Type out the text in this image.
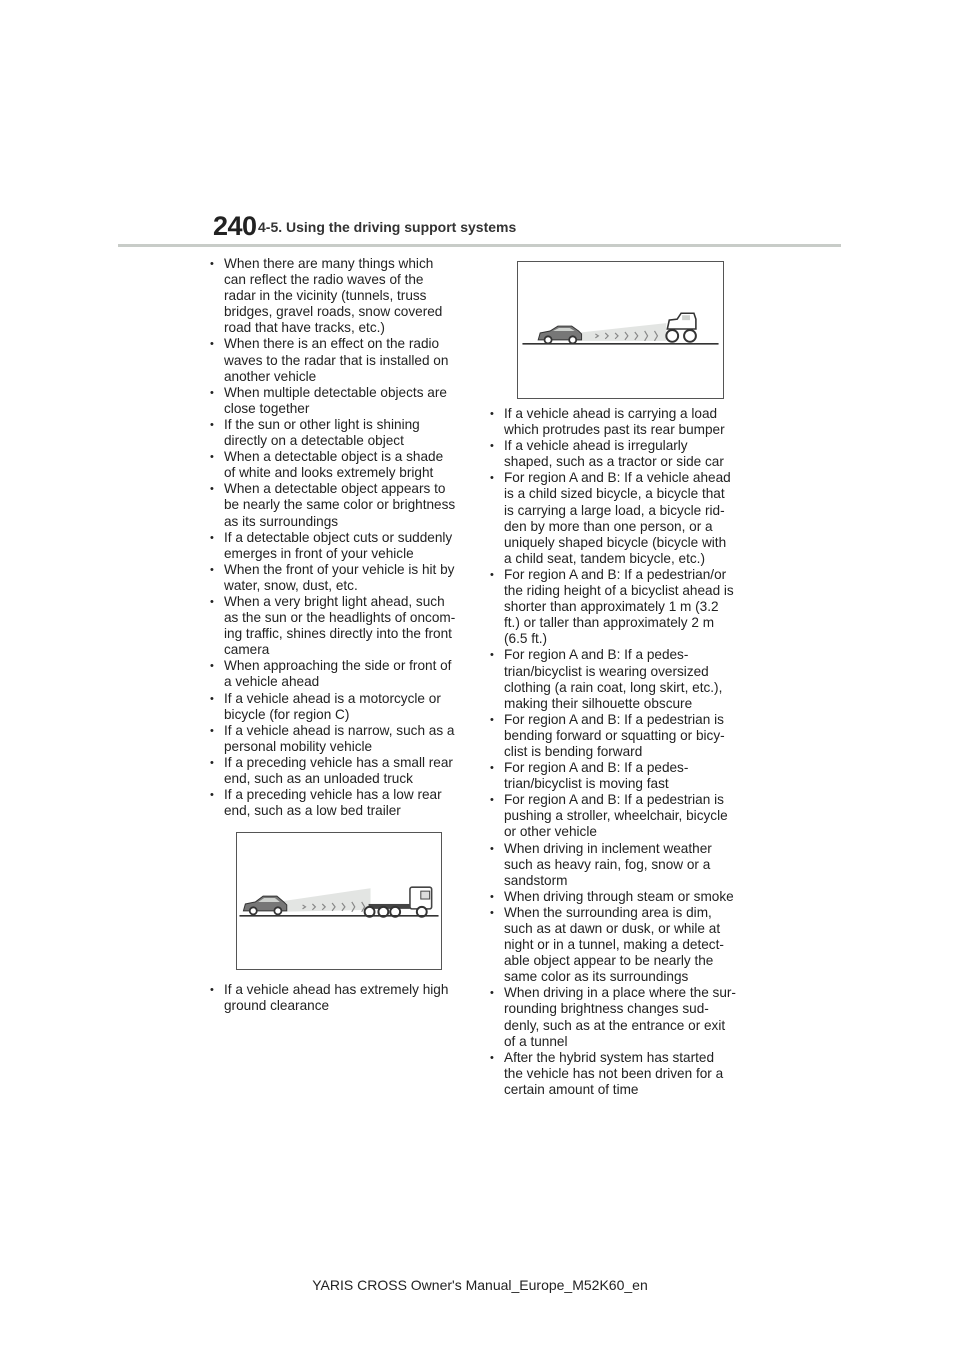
240 4-5. Using the driving support systems
• When there are many things which
can reflect the radio waves of the
radar in the vicinity (tunnels, truss
bridges, gravel roads, snow covered
road that have tracks, etc.)
• When there is an effect on the radio
waves to the radar that is installed on
another vehicle
• When multiple detectable objects are
close together
• If the sun or other light is shining
directly on a detectable object
• When a detectable object is a shade
of white and looks extremely bright
• When a detectable object appears to
be nearly the same color or brightness
as its surroundings
• If a detectable object cuts or suddenly
emerges in front of your vehicle
• When the front of your vehicle is hit by
water, snow, dust, etc.
• When a very bright light ahead, such
as the sun or the headlights of oncom-
ing traffic, shines directly into the front
camera
• When approaching the side or front of
a vehicle ahead
• If a vehicle ahead is a motorcycle or
bicycle (for region C)
• If a vehicle ahead is narrow, such as a
personal mobility vehicle
• If a preceding vehicle has a small rear
end, such as an unloaded truck
• If a preceding vehicle has a low rear
end, such as a low bed trailer
• If a vehicle ahead has extremely high
ground clearance
• If a vehicle ahead is carrying a load
which protrudes past its rear bumper
• If a vehicle ahead is irregularly
shaped, such as a tractor or side car
• For region A and B: If a vehicle ahead
is a child sized bicycle, a bicycle that
is carrying a large load, a bicycle rid-
den by more than one person, or a
uniquely shaped bicycle (bicycle with
a child seat, tandem bicycle, etc.)
• For region A and B: If a pedestrian/or
the riding height of a bicyclist ahead is
shorter than approximately 1 m (3.2
ft.) or taller than approximately 2 m
(6.5 ft.)
• For region A and B: If a pedes-
trian/bicyclist is wearing oversized
clothing (a rain coat, long skirt, etc.),
making their silhouette obscure
• For region A and B: If a pedestrian is
bending forward or squatting or bicy-
clist is bending forward
• For region A and B: If a pedes-
trian/bicyclist is moving fast
• For region A and B: If a pedestrian is
pushing a stroller, wheelchair, bicycle
or other vehicle
• When driving in inclement weather
such as heavy rain, fog, snow or a
sandstorm
• When driving through steam or smoke
• When the surrounding area is dim,
such as at dawn or dusk, or while at
night or in a tunnel, making a detect-
able object appear to be nearly the
same color as its surroundings
• When driving in a place where the sur-
rounding brightness changes sud-
denly, such as at the entrance or exit
of a tunnel
• After the hybrid system has started
the vehicle has not been driven for a
certain amount of time
YARIS CROSS Owner's Manual_Europe_M52K60_en
